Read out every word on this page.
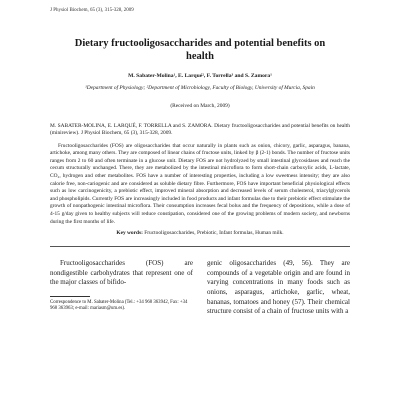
J Physiol Biochem, 65 (3), 315-328, 2009
Dietary fructooligosaccharides and potential benefits on health
M. Sabater-Molina¹, E. Larqué², F. Torrella³ and S. Zamora¹
¹Department of Physiology; ²Department of Microbiology, Faculty of Biology, University of Murcia, Spain
(Received on March, 2009)

M. SABATER-MOLINA, E. LARQUÉ, F. TORRELLA and S. ZAMORA. Dietary fructooligosaccharides and potential benefits on health (minireview). J Physiol Biochem, 65 (3), 315-328, 2009.

Fructooligosaccharides (FOS) are oligosaccharides that occur naturally in plants such as onion, chicory, garlic, asparagus, banana, artichoke, among many others. They are composed of linear chains of fructose units, linked by β (2-1) bonds. The number of fructose units ranges from 2 to 60 and often terminate in a glucose unit. Dietary FOS are not hydrolyzed by small intestinal glycosidases and reach the cecum structurally unchanged. There, they are metabolized by the intestinal microflora to form short-chain carboxylic acids, L-lactate, CO₂, hydrogen and other metabolites. FOS have a number of interesting properties, including a low sweetness intensity; they are also calorie free, non-cariogenic and are considered as soluble dietary fibre. Furthermore, FOS have important beneficial physiological effects such as low carcinogenicity, a prebiotic effect, improved mineral absorption and decreased levels of serum cholesterol, triacylglycerols and phospholipids. Currently FOS are increasingly included in food products and infant formulas due to their prebiotic effect stimulate the growth of nonpathogenic intestinal microflora. Their consumption increases fecal bolus and the frequency of depositions, while a dose of 4-15 g/day given to healthy subjects will reduce constipation, considered one of the growing problems of modern society, and newborns during the first months of life.

Key words: Fructooligosaccharides, Prebiotic, Infant formulas, Human milk.

Fructooligosaccharides (FOS) are nondigestible carbohydrates that represent one of the major classes of bifido-

Correspondence to M. Sabater-Molina (Tel.: +34 968 363942, Fax: +34 968 363963; e-mail: mariasm@um.es).

genic oligosaccharides (49, 56). They are compounds of a vegetable origin and are found in varying concentrations in many foods such as onions, asparagus, artichoke, garlic, wheat, bananas, tomatoes and honey (57). Their chemical structure consist of a chain of fructose units with a
